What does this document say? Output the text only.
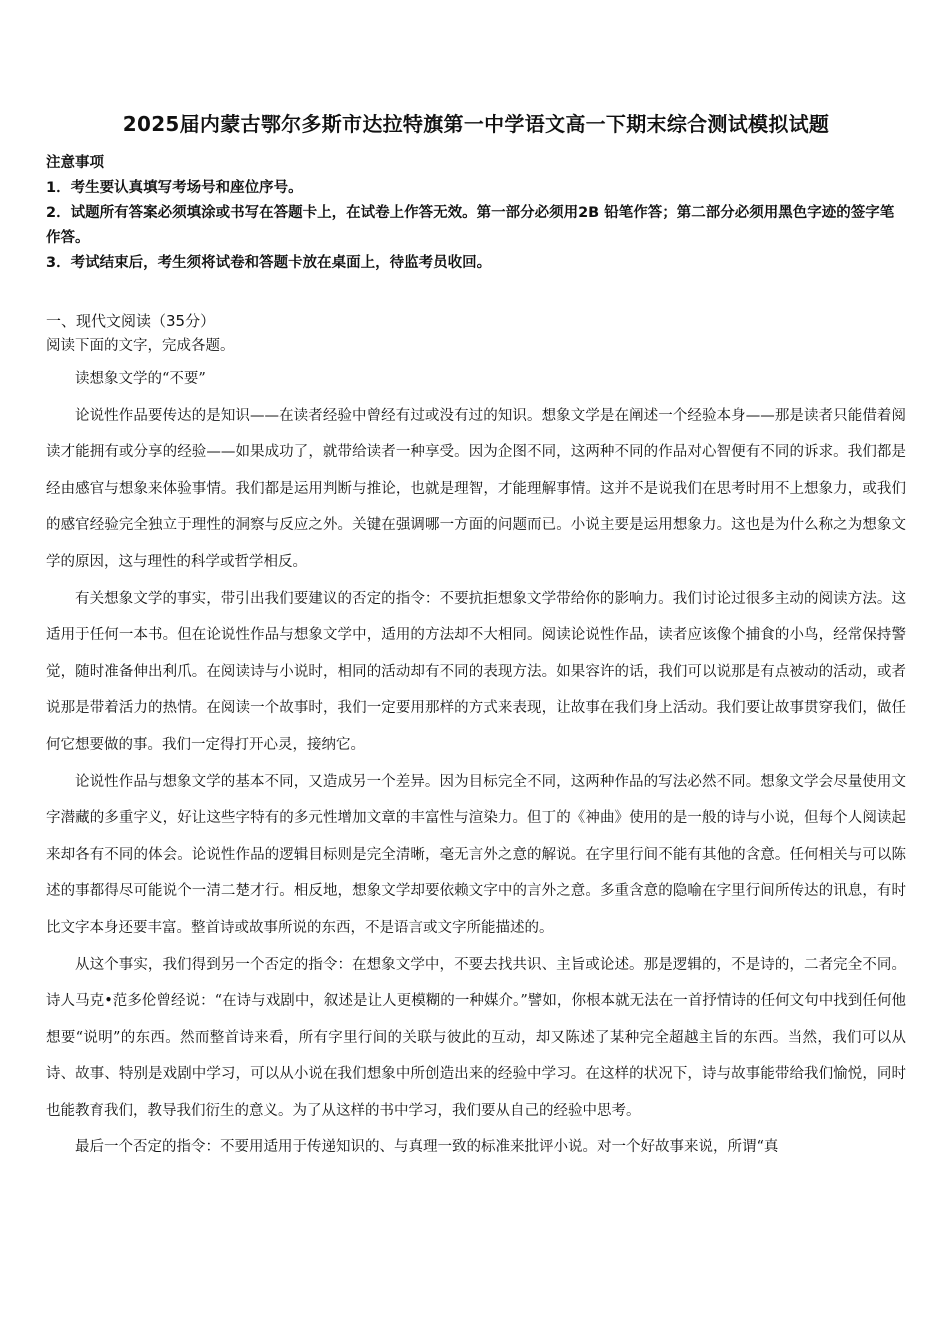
2025届内蒙古鄂尔多斯市达拉特旗第一中学语文高一下期末综合测试模拟试题

注意事项

1．考生要认真填写考场号和座位序号。

2．试题所有答案必须填涂或书写在答题卡上，在试卷上作答无效。第一部分必须用2B 铅笔作答；第二部分必须用黑色字迹的签字笔作答。

3．考试结束后，考生须将试卷和答题卡放在桌面上，待监考员收回。

一、现代文阅读（35分）
阅读下面的文字，完成各题。

读想象文学的“不要”

论说性作品要传达的是知识——在读者经验中曾经有过或没有过的知识。想象文学是在阐述一个经验本身——那是读者只能借着阅读才能拥有或分享的经验——如果成功了，就带给读者一种享受。因为企图不同，这两种不同的作品对心智便有不同的诉求。我们都是经由感官与想象来体验事情。我们都是运用判断与推论，也就是理智，才能理解事情。这并不是说我们在思考时用不上想象力，或我们的感官经验完全独立于理性的洞察与反应之外。关键在强调哪一方面的问题而已。小说主要是运用想象力。这也是为什么称之为想象文学的原因，这与理性的科学或哲学相反。

有关想象文学的事实，带引出我们要建议的否定的指令：不要抗拒想象文学带给你的影响力。我们讨论过很多主动的阅读方法。这适用于任何一本书。但在论说性作品与想象文学中，适用的方法却不大相同。阅读论说性作品，读者应该像个捕食的小鸟，经常保持警觉，随时准备伸出利爪。在阅读诗与小说时，相同的活动却有不同的表现方法。如果容许的话，我们可以说那是有点被动的活动，或者说那是带着活力的热情。在阅读一个故事时，我们一定要用那样的方式来表现，让故事在我们身上活动。我们要让故事贯穿我们，做任何它想要做的事。我们一定得打开心灵，接纳它。

论说性作品与想象文学的基本不同，又造成另一个差异。因为目标完全不同，这两种作品的写法必然不同。想象文学会尽量使用文字潜藏的多重字义，好让这些字特有的多元性增加文章的丰富性与渲染力。但丁的《神曲》使用的是一般的诗与小说，但每个人阅读起来却各有不同的体会。论说性作品的逻辑目标则是完全清晰，毫无言外之意的解说。在字里行间不能有其他的含意。任何相关与可以陈述的事都得尽可能说个一清二楚才行。相反地，想象文学却要依赖文字中的言外之意。多重含意的隐喻在字里行间所传达的讯息，有时比文字本身还要丰富。整首诗或故事所说的东西，不是语言或文字所能描述的。

从这个事实，我们得到另一个否定的指令：在想象文学中，不要去找共识、主旨或论述。那是逻辑的，不是诗的，二者完全不同。诗人马克•范多伦曾经说：“在诗与戏剧中，叙述是让人更模糊的一种媒介。”譬如，你根本就无法在一首抒情诗的任何文句中找到任何他想要“说明”的东西。然而整首诗来看，所有字里行间的关联与彼此的互动，却又陈述了某种完全超越主旨的东西。当然，我们可以从诗、故事、特别是戏剧中学习，可以从小说在我们想象中所创造出来的经验中学习。在这样的状况下，诗与故事能带给我们愉悦，同时也能教育我们，教导我们衍生的意义。为了从这样的书中学习，我们要从自己的经验中思考。

最后一个否定的指令：不要用适用于传递知识的、与真理一致的标准来批评小说。对一个好故事来说，所谓“真
